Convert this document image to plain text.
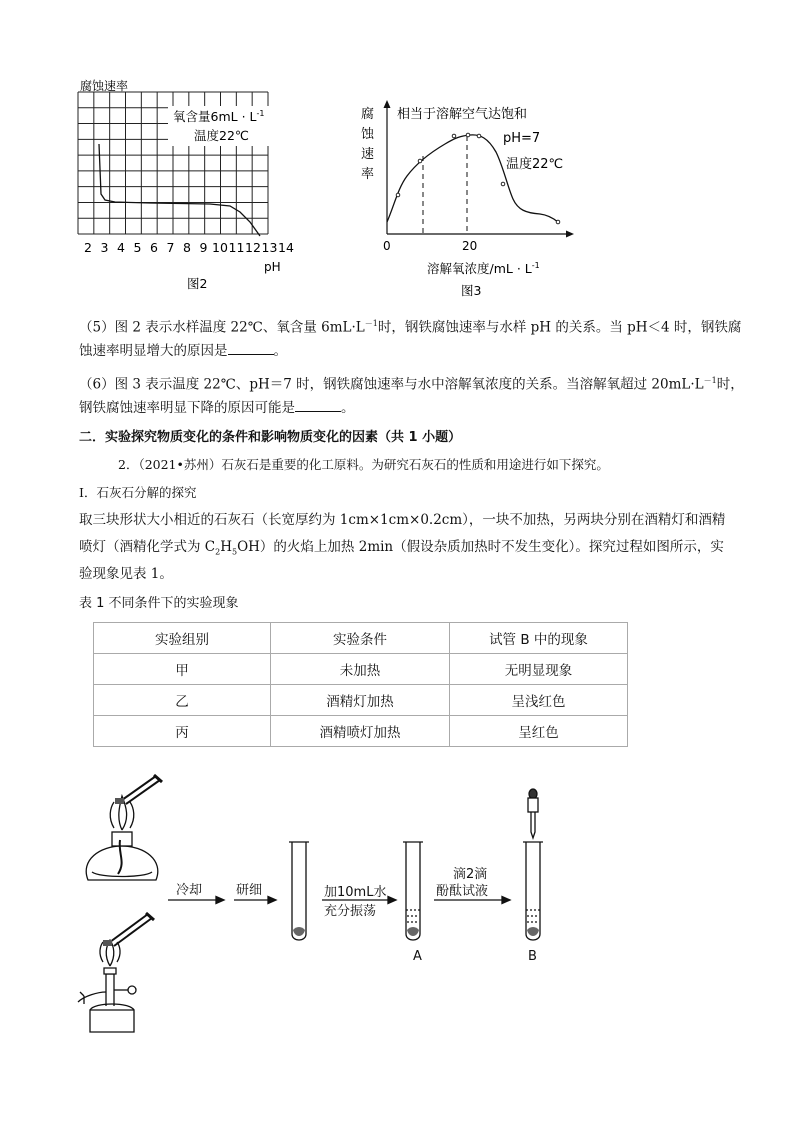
腐蚀速率
氧含量$6mL \cdot L^{-1}$
温度22℃
2 3 4 5 6 7 8 9 10 11 12 13 14
pH
图2
腐
蚀
速
率
相当于溶解空气达饱和
pH=7
温度22℃
0	20
溶解氧浓度$/mL \cdot L^{-1}$
图3
（5）图 2 表示水样温度 22℃、氧含量 $6mL\cdot L^{-1}$时，钢铁腐蚀速率与水样 pH 的关系。当 pH＜4 时，钢铁腐
蚀速率明显增大的原因是	。
（6）图 3 表示温度 22℃、pH＝7 时，钢铁腐蚀速率与水中溶解氧浓度的关系。当溶解氧超过 $20mL\cdot L^{-1}$时，
钢铁腐蚀速率明显下降的原因可能是	。
二．实验探究物质变化的条件和影响物质变化的因素（共 1 小题）
2．（2021•苏州）石灰石是重要的化工原料。为研究石灰石的性质和用途进行如下探究。
Ⅰ．石灰石分解的探究
取三块形状大小相近的石灰石（长宽厚约为 1cm×1cm×0.2cm），一块不加热，另两块分别在酒精灯和酒精
喷灯（酒精化学式为 $C_2H_5OH$）的火焰上加热 2min（假设杂质加热时不发生变化）。探究过程如图所示，实
验现象见表 1。
表 1 不同条件下的实验现象
实验组别	实验条件	试管 B 中的现象
甲	未加热	无明显现象
乙	酒精灯加热	呈浅红色
丙	酒精喷灯加热	呈红色
冷却	研细	加10mL水
充分振荡
滴2滴
酚酞试液
A	B
